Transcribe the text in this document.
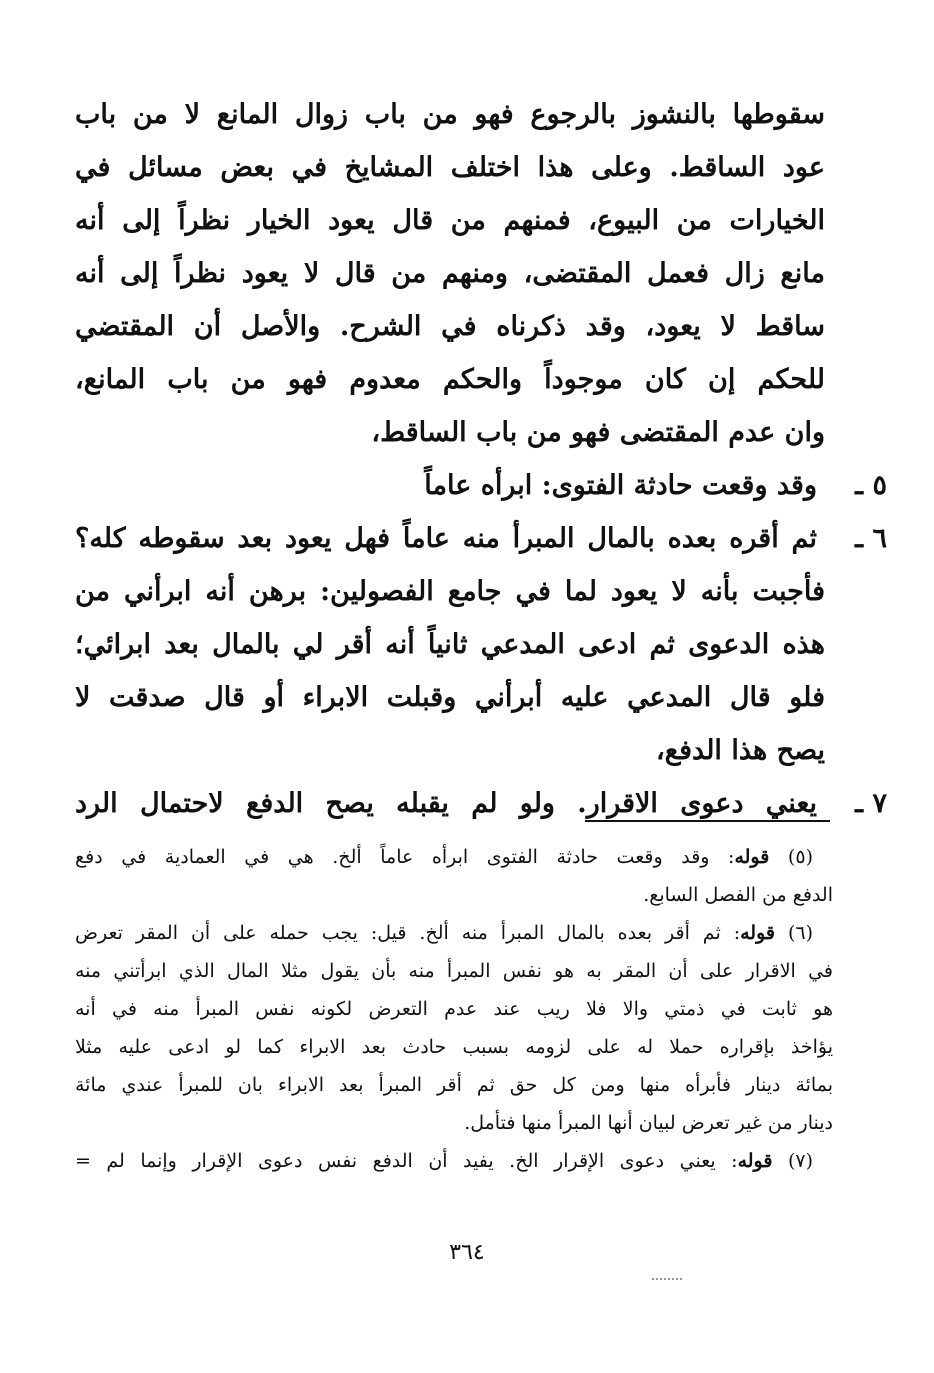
سقوطها بالنشوز بالرجوع فهو من باب زوال المانع لا من باب
عود الساقط. وعلى هذا اختلف المشايخ في بعض مسائل في
الخيارات من البيوع، فمنهم من قال يعود الخيار نظراً إلى أنه
مانع زال فعمل المقتضى، ومنهم من قال لا يعود نظراً إلى أنه
ساقط لا يعود، وقد ذكرناه في الشرح. والأصل أن المقتضي
للحكم إن كان موجوداً والحكم معدوم فهو من باب المانع،
وان عدم المقتضى فهو من باب الساقط،
٥ ـ
وقد وقعت حادثة الفتوى: ابرأه عاماً
٦ ـ
ثم أقره بعده بالمال المبرأ منه عاماً فهل يعود بعد سقوطه كله؟
فأجبت بأنه لا يعود لما في جامع الفصولين: برهن أنه ابرأني من
هذه الدعوى ثم ادعى المدعي ثانياً أنه أقر لي بالمال بعد ابرائي؛
فلو قال المدعي عليه أبرأني وقبلت الابراء أو قال صدقت لا
يصح هذا الدفع،
٧ ـ
يعني دعوى الاقرار. ولو لم يقبله يصح الدفع لاحتمال الرد
(٥) قوله: وقد وقعت حادثة الفتوى ابرأه عاماً ألخ. هي في العمادية في دفع
الدفع من الفصل السابع.
(٦) قوله: ثم أقر بعده بالمال المبرأ منه ألخ. قيل: يجب حمله على أن المقر تعرض
في الاقرار على أن المقر به هو نفس المبرأ منه بأن يقول مثلا المال الذي ابرأتني منه
هو ثابت في ذمتي والا فلا ريب عند عدم التعرض لكونه نفس المبرأ منه في أنه
يؤاخذ بإقراره حملا له على لزومه بسبب حادث بعد الابراء كما لو ادعى عليه مثلا
بمائة دينار فأبرأه منها ومن كل حق ثم أقر المبرأ بعد الابراء بان للمبرأ عندي مائة
دينار من غير تعرض لبيان أنها المبرأ منها فتأمل.
(٧) قوله: يعني دعوى الإقرار الخ. يفيد أن الدفع نفس دعوى الإقرار وإنما لم =
٣٦٤
